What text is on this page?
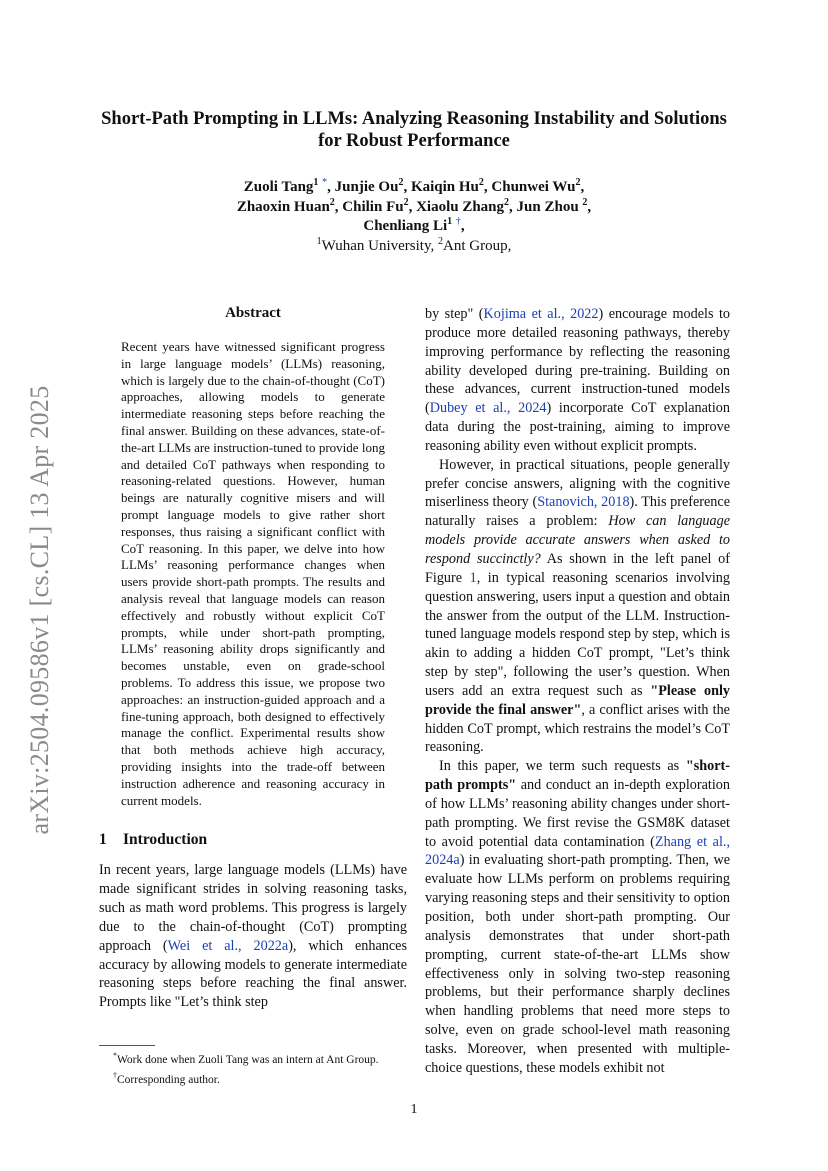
arXiv:2504.09586v1 [cs.CL] 13 Apr 2025
Short-Path Prompting in LLMs: Analyzing Reasoning Instability and Solutions for Robust Performance
Zuoli Tang$^1$ *, Junjie Ou$^2$, Kaiqin Hu$^2$, Chunwei Wu$^2$,
Zhaoxin Huan$^2$, Chilin Fu$^2$, Xiaolu Zhang$^2$, Jun Zhou $^2$,
Chenliang Li$^1$ †,
$^1$Wuhan University, $^2$Ant Group,
Abstract

Recent years have witnessed significant progress in large language models’ (LLMs) reasoning, which is largely due to the chain-of-thought (CoT) approaches, allowing models to generate intermediate reasoning steps before reaching the final answer. Building on these advances, state-of-the-art LLMs are instruction-tuned to provide long and detailed CoT pathways when responding to reasoning-related questions. However, human beings are naturally cognitive misers and will prompt language models to give rather short responses, thus raising a significant conflict with CoT reasoning. In this paper, we delve into how LLMs’ reasoning performance changes when users provide short-path prompts. The results and analysis reveal that language models can reason effectively and robustly without explicit CoT prompts, while under short-path prompting, LLMs’ reasoning ability drops significantly and becomes unstable, even on grade-school problems. To address this issue, we propose two approaches: an instruction-guided approach and a fine-tuning approach, both designed to effectively manage the conflict. Experimental results show that both methods achieve high accuracy, providing insights into the trade-off between instruction adherence and reasoning accuracy in current models.

1 Introduction

In recent years, large language models (LLMs) have made significant strides in solving reasoning tasks, such as math word problems. This progress is largely due to the chain-of-thought (CoT) prompting approach (Wei et al., 2022a), which enhances accuracy by allowing models to generate intermediate reasoning steps before reaching the final answer. Prompts like "Let’s think step

by step" (Kojima et al., 2022) encourage models to produce more detailed reasoning pathways, thereby improving performance by reflecting the reasoning ability developed during pre-training. Building on these advances, current instruction-tuned models (Dubey et al., 2024) incorporate CoT explanation data during the post-training, aiming to improve reasoning ability even without explicit prompts.

However, in practical situations, people generally prefer concise answers, aligning with the cognitive miserliness theory (Stanovich, 2018). This preference naturally raises a problem: How can language models provide accurate answers when asked to respond succinctly? As shown in the left panel of Figure 1, in typical reasoning scenarios involving question answering, users input a question and obtain the answer from the output of the LLM. Instruction-tuned language models respond step by step, which is akin to adding a hidden CoT prompt, "Let’s think step by step", following the user’s question. When users add an extra request such as "Please only provide the final answer", a conflict arises with the hidden CoT prompt, which restrains the model’s CoT reasoning.

In this paper, we term such requests as "short-path prompts" and conduct an in-depth exploration of how LLMs’ reasoning ability changes under short-path prompting. We first revise the GSM8K dataset to avoid potential data contamination (Zhang et al., 2024a) in evaluating short-path prompting. Then, we evaluate how LLMs perform on problems requiring varying reasoning steps and their sensitivity to option position, both under short-path prompting. Our analysis demonstrates that under short-path prompting, current state-of-the-art LLMs show effectiveness only in solving two-step reasoning problems, but their performance sharply declines when handling problems that need more steps to solve, even on grade school-level math reasoning tasks. Moreover, when presented with multiple-choice questions, these models exhibit not

*Work done when Zuoli Tang was an intern at Ant Group.

†Corresponding author.

1
